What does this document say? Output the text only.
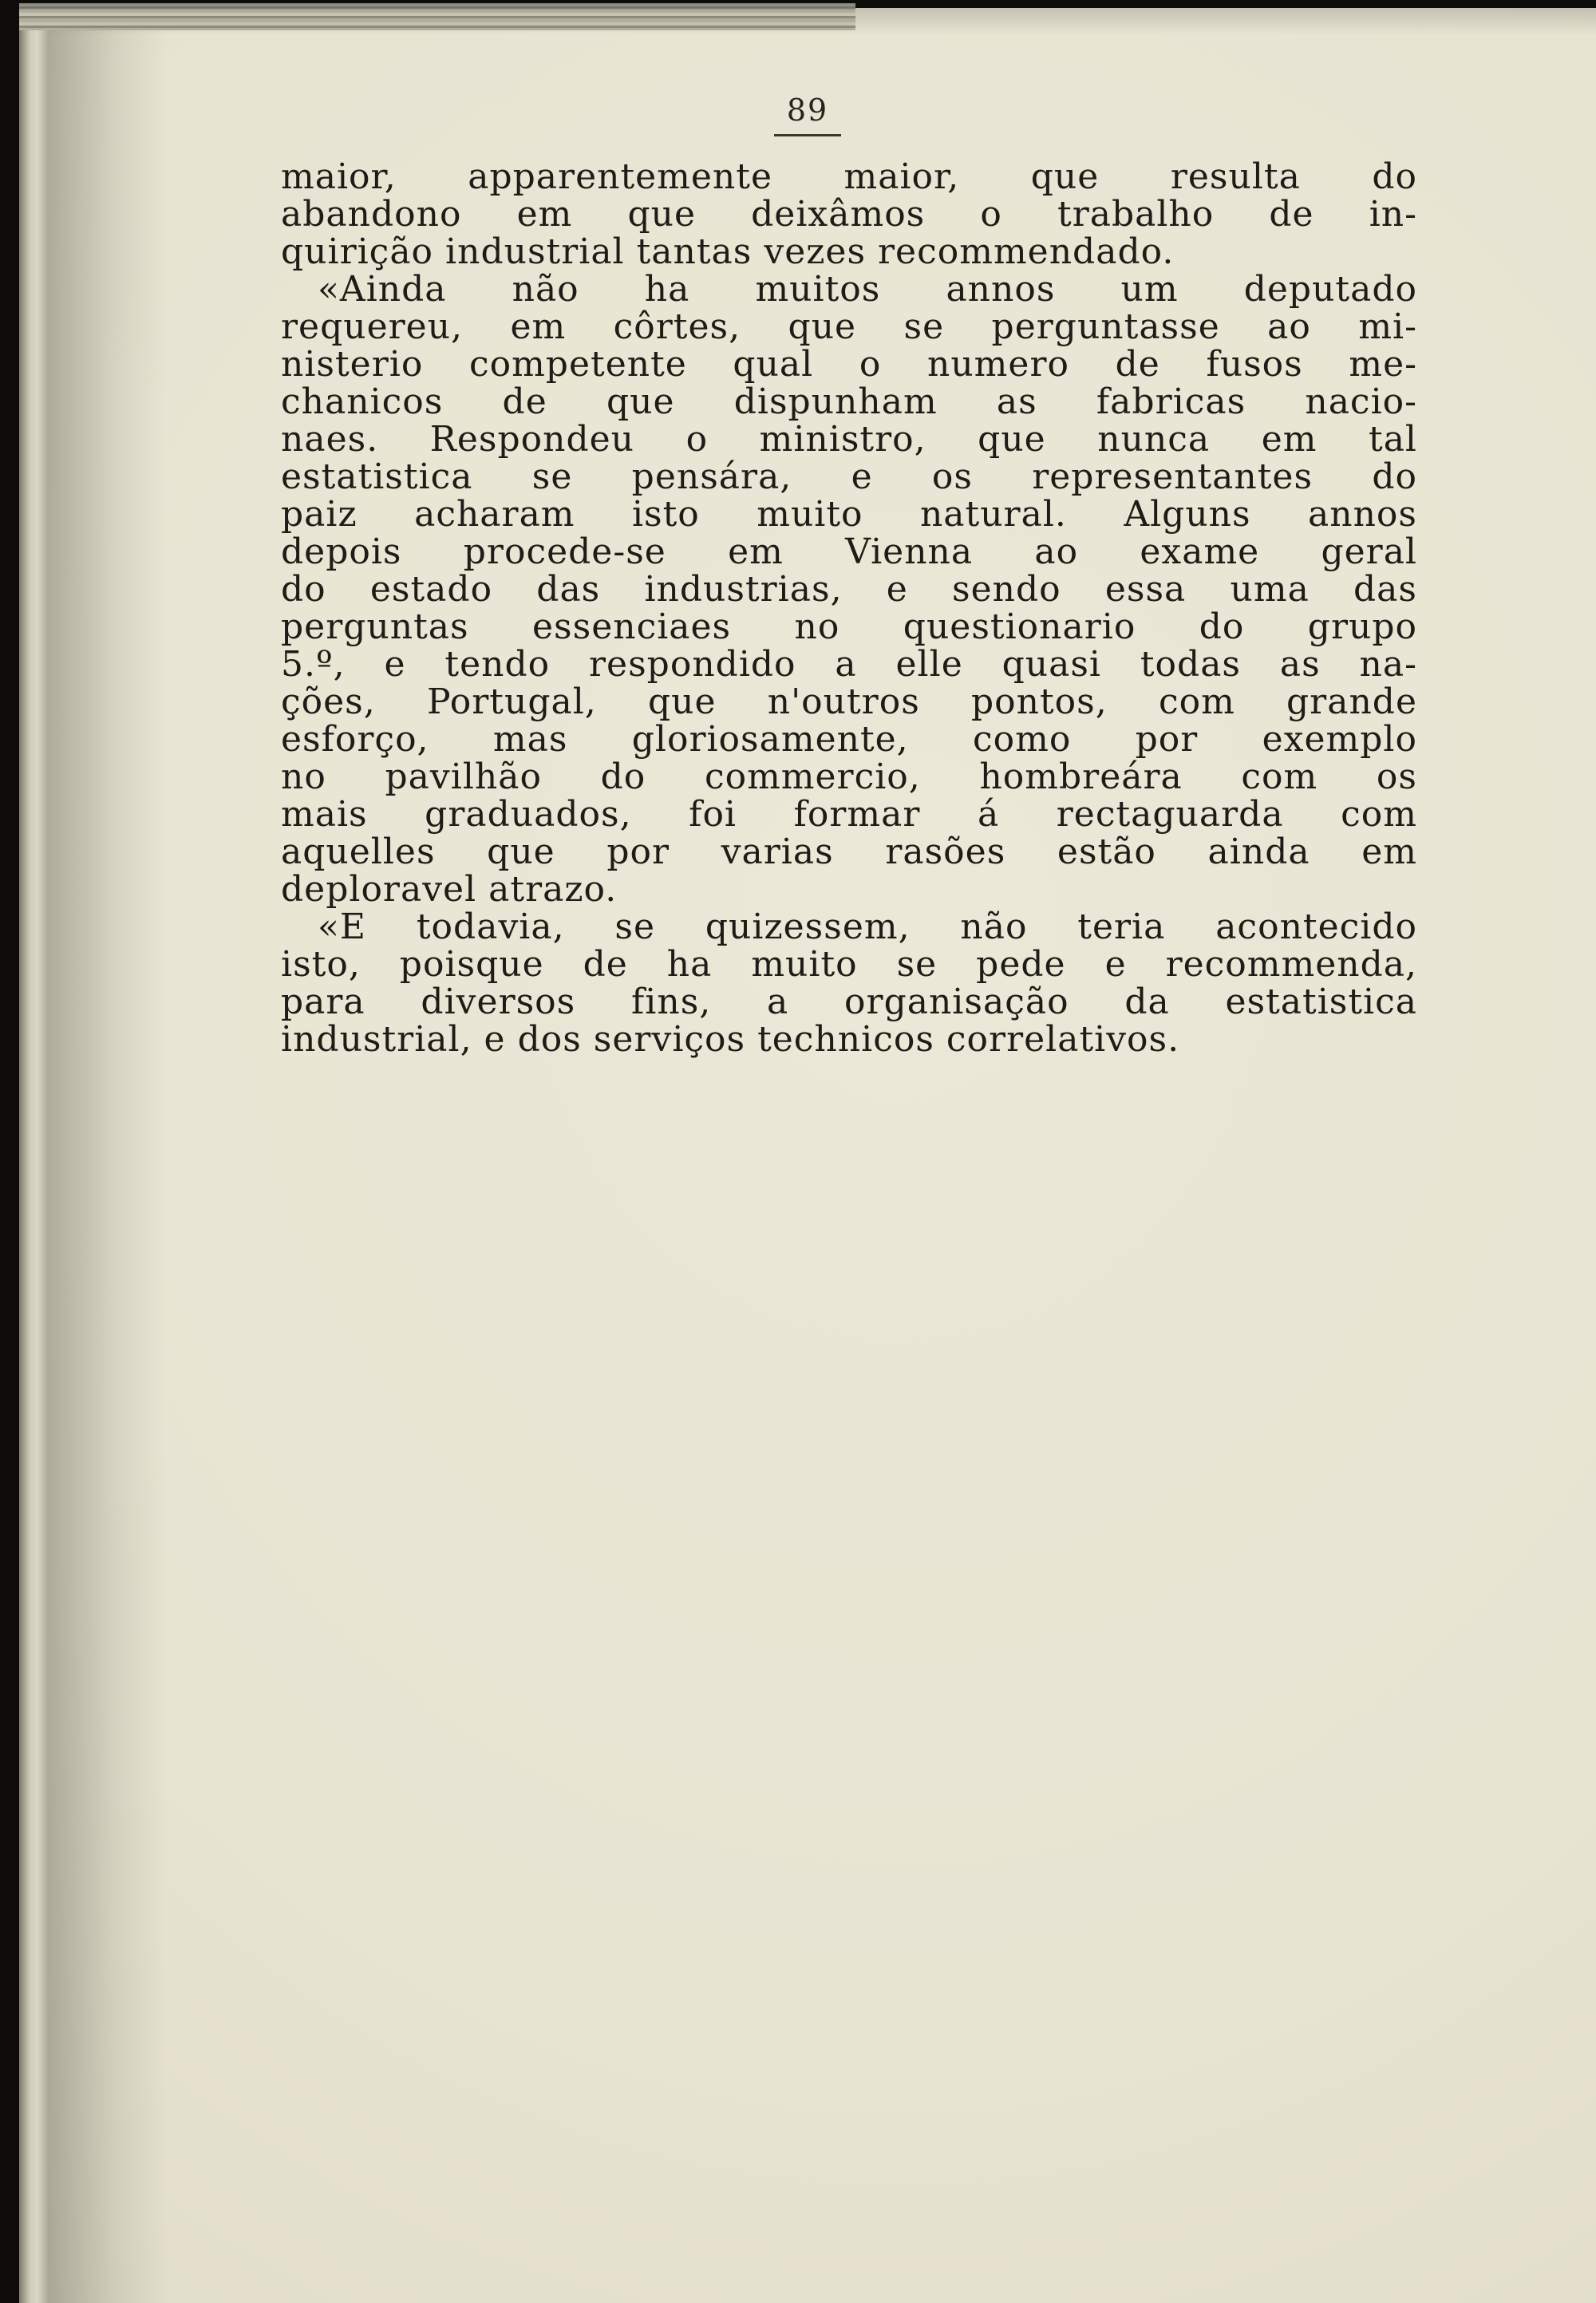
89
maior, apparentemente maior, que resulta do
abandono em que deixâmos o trabalho de in-
quirição industrial tantas vezes recommendado.
«Ainda não ha muitos annos um deputado
requereu, em côrtes, que se perguntasse ao mi-
nisterio competente qual o numero de fusos me-
chanicos de que dispunham as fabricas nacio-
naes. Respondeu o ministro, que nunca em tal
estatistica se pensára, e os representantes do
paiz acharam isto muito natural. Alguns annos
depois procede-se em Vienna ao exame geral
do estado das industrias, e sendo essa uma das
perguntas essenciaes no questionario do grupo
5.º, e tendo respondido a elle quasi todas as na-
ções, Portugal, que n'outros pontos, com grande
esforço, mas gloriosamente, como por exemplo
no pavilhão do commercio, hombreára com os
mais graduados, foi formar á rectaguarda com
aquelles que por varias rasões estão ainda em
deploravel atrazo.
«E todavia, se quizessem, não teria acontecido
isto, poisque de ha muito se pede e recommenda,
para diversos fins, a organisação da estatistica
industrial, e dos serviços technicos correlativos.
